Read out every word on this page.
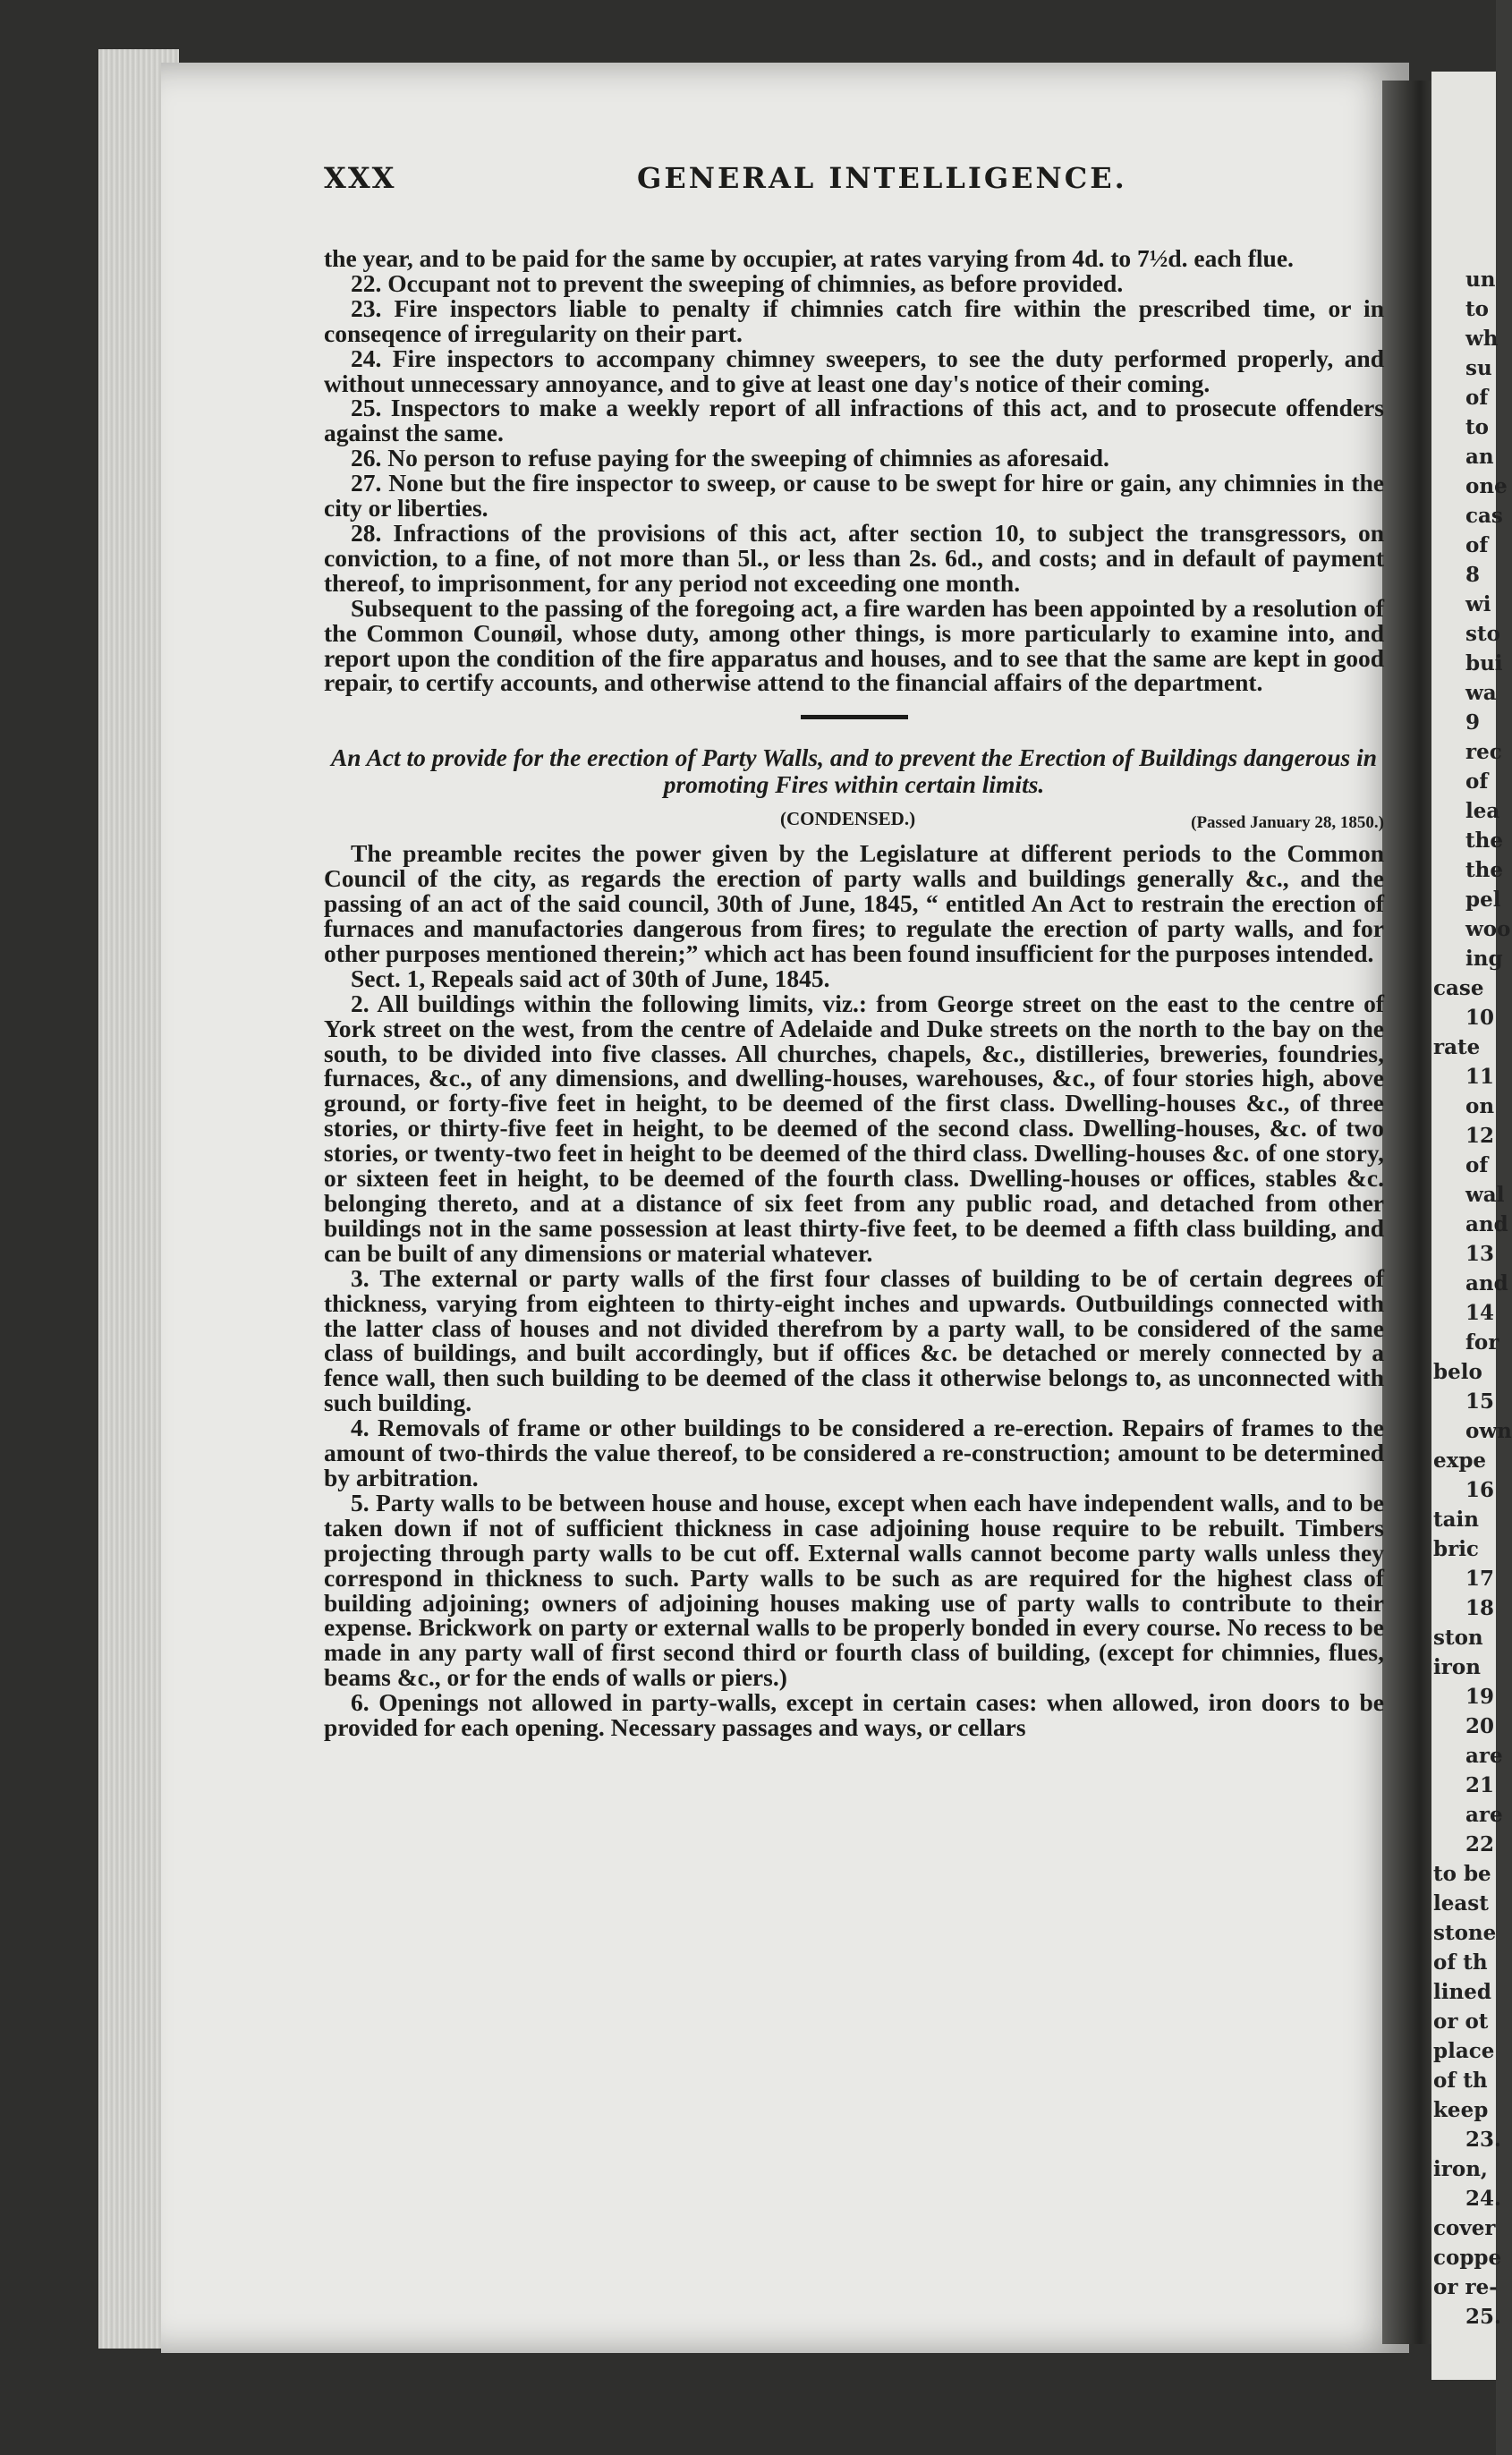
un
to
wh
su
of
to
an
one
cas
of
8
wi
sto
bui
wa
9
rec
of
lea
the
the
pel
woo
ing
case
10
rate
11
on
12
of
wal
and
13
and
14
for
belo
15
own
expe
16
tain
bric
17
18
ston
iron
19
20
are
21
are
22
to be
least
stone
of th
lined
or ot
place
of th
keep
23.
iron,
24.
cover
coppe
or re-
25.
XXX	GENERAL INTELLIGENCE.

the year, and to be paid for the same by occupier, at rates varying from 4d. to 7½d. each flue.

22. Occupant not to prevent the sweeping of chimnies, as before provided.

23. Fire inspectors liable to penalty if chimnies catch fire within the prescribed time, or in conseqence of irregularity on their part.

24. Fire inspectors to accompany chimney sweepers, to see the duty performed properly, and without unnecessary annoyance, and to give at least one day's notice of their coming.

25. Inspectors to make a weekly report of all infractions of this act, and to prosecute offenders against the same.

26. No person to refuse paying for the sweeping of chimnies as aforesaid.

27. None but the fire inspector to sweep, or cause to be swept for hire or gain, any chimnies in the city or liberties.

28. Infractions of the provisions of this act, after section 10, to subject the transgressors, on conviction, to a fine, of not more than 5l., or less than 2s. 6d., and costs; and in default of payment thereof, to imprisonment, for any period not exceeding one month.

Subsequent to the passing of the foregoing act, a fire warden has been appointed by a resolution of the Common Counøil, whose duty, among other things, is more particularly to examine into, and report upon the condition of the fire apparatus and houses, and to see that the same are kept in good repair, to certify accounts, and otherwise attend to the financial affairs of the department.

An Act to provide for the erection of Party Walls, and to prevent the Erection of Buildings dangerous in promoting Fires within certain limits.

(CONDENSED.)	(Passed January 28, 1850.)

The preamble recites the power given by the Legislature at different periods to the Common Council of the city, as regards the erection of party walls and buildings generally &c., and the passing of an act of the said council, 30th of June, 1845, “ entitled An Act to restrain the erection of furnaces and manufactories dangerous from fires; to regulate the erection of party walls, and for other purposes mentioned therein;” which act has been found insufficient for the purposes intended.

Sect. 1, Repeals said act of 30th of June, 1845.

2. All buildings within the following limits, viz.: from George street on the east to the centre of York street on the west, from the centre of Adelaide and Duke streets on the north to the bay on the south, to be divided into five classes. All churches, chapels, &c., distilleries, breweries, foundries, furnaces, &c., of any dimensions, and dwelling-houses, warehouses, &c., of four stories high, above ground, or forty-five feet in height, to be deemed of the first class. Dwelling-houses &c., of three stories, or thirty-five feet in height, to be deemed of the second class. Dwelling-houses, &c. of two stories, or twenty-two feet in height to be deemed of the third class. Dwelling-houses &c. of one story, or sixteen feet in height, to be deemed of the fourth class. Dwelling-houses or offices, stables &c. belonging thereto, and at a distance of six feet from any public road, and detached from other buildings not in the same possession at least thirty-five feet, to be deemed a fifth class building, and can be built of any dimensions or material whatever.

3. The external or party walls of the first four classes of building to be of certain degrees of thickness, varying from eighteen to thirty-eight inches and upwards. Outbuildings connected with the latter class of houses and not divided therefrom by a party wall, to be considered of the same class of buildings, and built accordingly, but if offices &c. be detached or merely connected by a fence wall, then such building to be deemed of the class it otherwise belongs to, as unconnected with such building.

4. Removals of frame or other buildings to be considered a re-erection. Repairs of frames to the amount of two-thirds the value thereof, to be considered a re-construction; amount to be determined by arbitration.

5. Party walls to be between house and house, except when each have independent walls, and to be taken down if not of sufficient thickness in case adjoining house require to be rebuilt. Timbers projecting through party walls to be cut off. External walls cannot become party walls unless they correspond in thickness to such. Party walls to be such as are required for the highest class of building adjoining; owners of adjoining houses making use of party walls to contribute to their expense. Brickwork on party or external walls to be properly bonded in every course. No recess to be made in any party wall of first second third or fourth class of building, (except for chimnies, flues, beams &c., or for the ends of walls or piers.)

6. Openings not allowed in party-walls, except in certain cases: when allowed, iron doors to be provided for each opening. Necessary passages and ways, or cellars
